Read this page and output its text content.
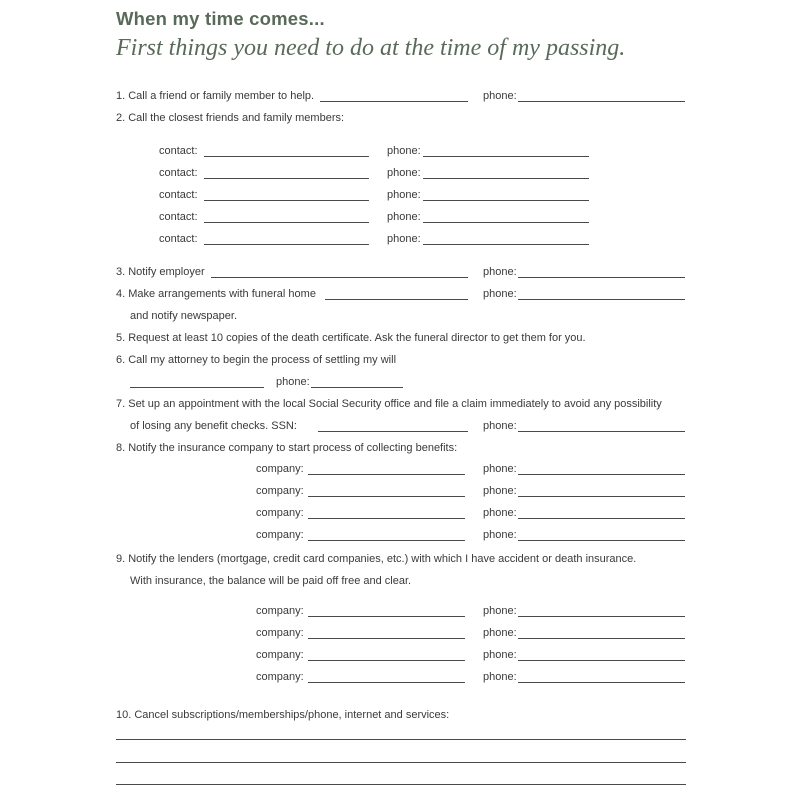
When my time comes...
First things you need to do at the time of my passing.
1. Call a friend or family member to help.	phone:
2. Call the closest friends and family members:
contact:	phone:
contact:	phone:
contact:	phone:
contact:	phone:
contact:	phone:
3. Notify employer	phone:
4. Make arrangements with funeral home	phone:
and notify newspaper.
5. Request at least 10 copies of the death certificate. Ask the funeral director to get them for you.
6. Call my attorney to begin the process of settling my will
phone:
7. Set up an appointment with the local Social Security office and file a claim immediately to avoid any possibility
of losing any benefit checks. SSN:	phone:
8. Notify the insurance company to start process of collecting benefits:
company:	phone:
company:	phone:
company:	phone:
company:	phone:
9. Notify the lenders (mortgage, credit card companies, etc.) with which I have accident or death insurance.
With insurance, the balance will be paid off free and clear.
company:	phone:
company:	phone:
company:	phone:
company:	phone:
10. Cancel subscriptions/memberships/phone, internet and services:
